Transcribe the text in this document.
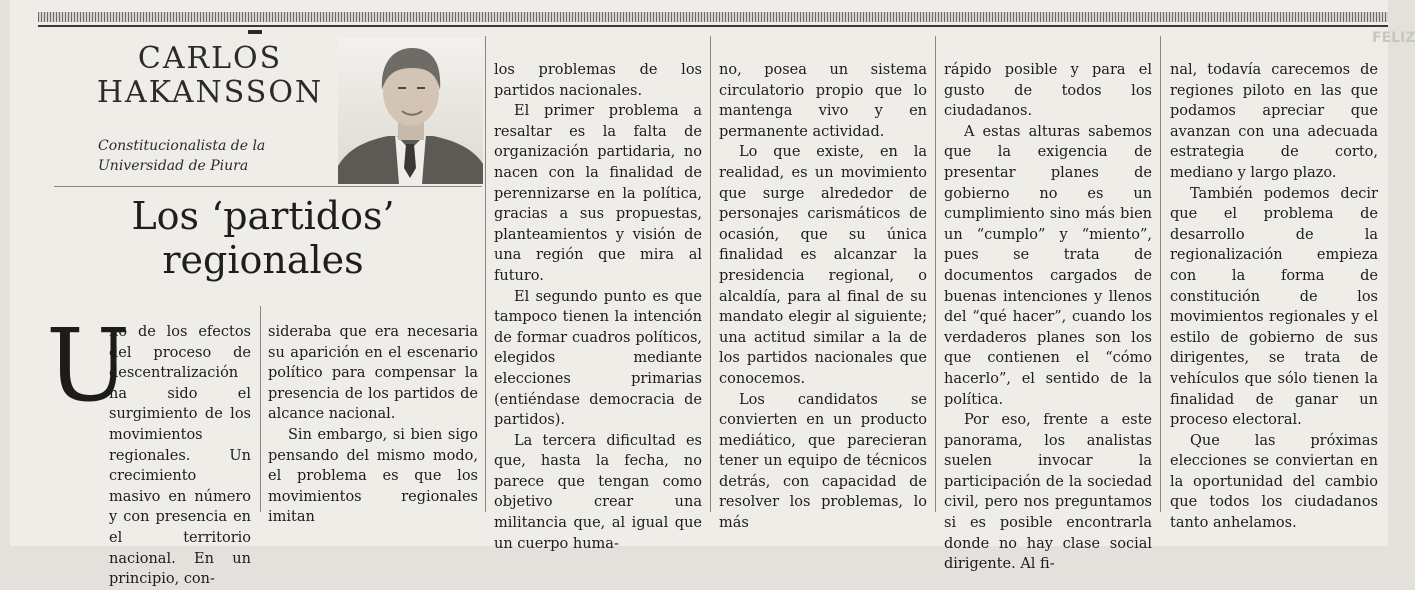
FELIZ
CARLOS HAKANSSON
Constitucionalista de la Universidad de Piura
Los ‘partidos’ regionales
U

no de los efectos del proceso de descentralización ha sido el surgimiento de los movimientos regionales. Un crecimiento masivo en número y con presencia en el territorio nacional. En un principio, con-

sideraba que era necesaria su aparición en el escenario político para compensar la presencia de los partidos de alcance nacional.

Sin embargo, si bien sigo pensando del mismo modo, el problema es que los movimientos regionales imitan

los problemas de los partidos nacionales.

El primer problema a resaltar es la falta de organización partidaria, no nacen con la finalidad de perennizarse en la política, gracias a sus propuestas, planteamientos y visión de una región que mira al futuro.

El segundo punto es que tampoco tienen la intención de formar cuadros políticos, elegidos mediante elecciones primarias (entiéndase democracia de partidos).

La tercera dificultad es que, hasta la fecha, no parece que tengan como objetivo crear una militancia que, al igual que un cuerpo huma-

no, posea un sistema circulatorio propio que lo mantenga vivo y en permanente actividad.

Lo que existe, en la realidad, es un movimiento que surge alrededor de personajes carismáticos de ocasión, que su única finalidad es alcanzar la presidencia regional, o alcaldía, para al final de su mandato elegir al siguiente; una actitud similar a la de los partidos nacionales que conocemos.

Los candidatos se convierten en un producto mediático, que parecieran tener un equipo de técnicos detrás, con capacidad de resolver los problemas, lo más

rápido posible y para el gusto de todos los ciudadanos.

A estas alturas sabemos que la exigencia de presentar planes de gobierno no es un cumplimiento sino más bien un “cumplo” y “miento”, pues se trata de documentos cargados de buenas intenciones y llenos del “qué hacer”, cuando los verdaderos planes son los que contienen el “cómo hacerlo”, el sentido de la política.

Por eso, frente a este panorama, los analistas suelen invocar la participación de la sociedad civil, pero nos preguntamos si es posible encontrarla donde no hay clase social dirigente. Al fi-

nal, todavía carecemos de regiones piloto en las que podamos apreciar que avanzan con una adecuada estrategia de corto, mediano y largo plazo.

También podemos decir que el problema de desarrollo de la regionalización empieza con la forma de constitución de los movimientos regionales y el estilo de gobierno de sus dirigentes, se trata de vehículos que sólo tienen la finalidad de ganar un proceso electoral.

Que las próximas elecciones se conviertan en la oportunidad del cambio que todos los ciudadanos tanto anhelamos.
